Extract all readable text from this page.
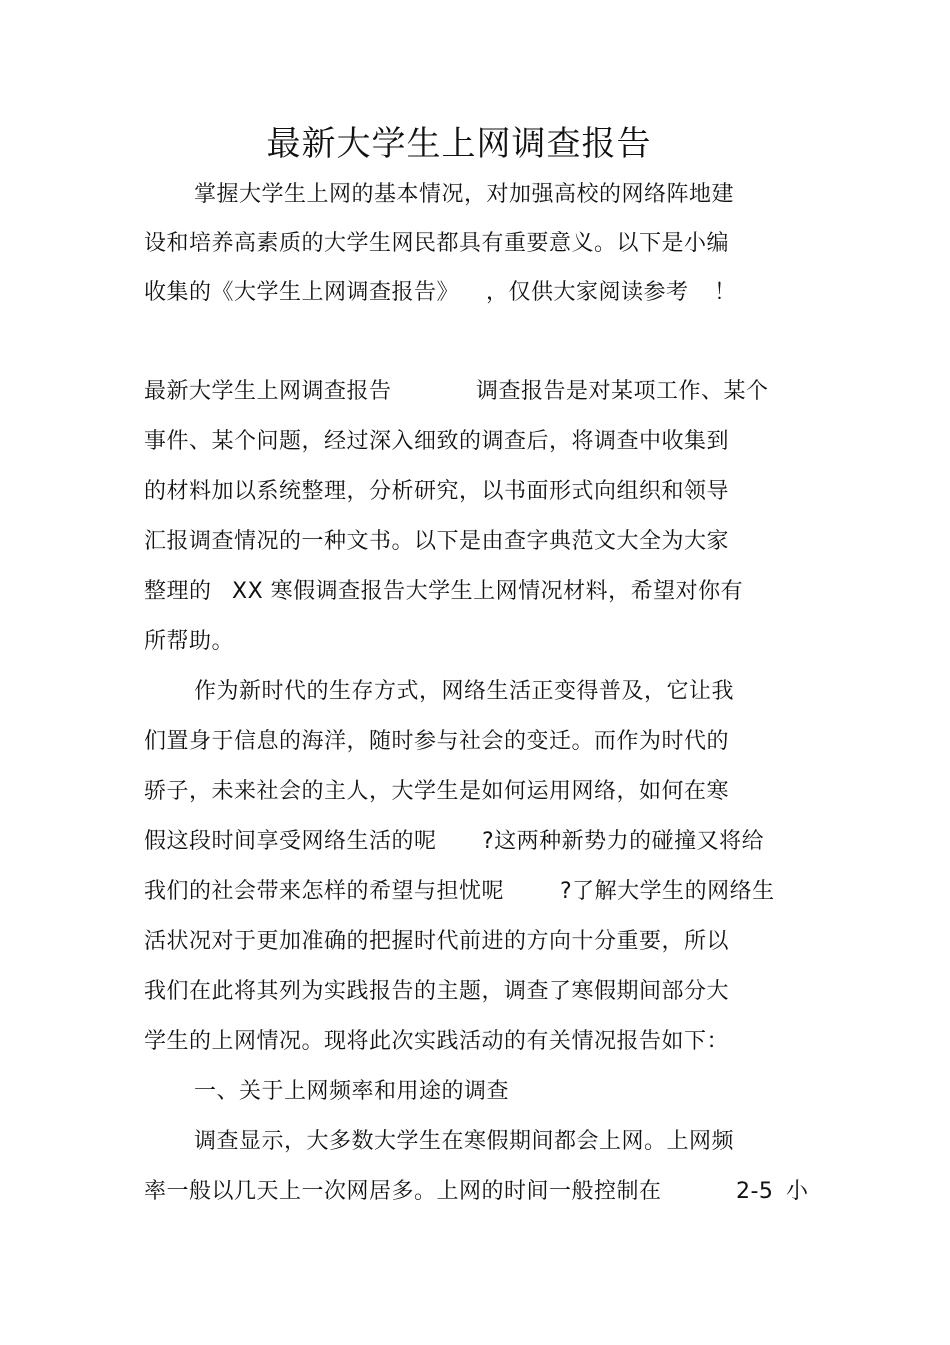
最新大学生上网调查报告
掌握大学生上网的基本情况，对加强高校的网络阵地建
设和培养高素质的大学生网民都具有重要意义。以下是小编
收集的《大学生上网调查报告》 ，仅供大家阅读参考 ！
最新大学生上网调查报告	调查报告是对某项工作、某个
事件、某个问题，经过深入细致的调查后，将调查中收集到
的材料加以系统整理，分析研究，以书面形式向组织和领导
汇报调查情况的一种文书。以下是由查字典范文大全为大家
整理的 XX 寒假调查报告大学生上网情况材料，希望对你有
所帮助。
作为新时代的生存方式，网络生活正变得普及，它让我
们置身于信息的海洋，随时参与社会的变迁。而作为时代的
骄子，未来社会的主人，大学生是如何运用网络，如何在寒
假这段时间享受网络生活的呢 ?这两种新势力的碰撞又将给
我们的社会带来怎样的希望与担忧呢	?了解大学生的网络生
活状况对于更加准确的把握时代前进的方向十分重要，所以
我们在此将其列为实践报告的主题，调查了寒假期间部分大
学生的上网情况。现将此次实践活动的有关情况报告如下：
一、关于上网频率和用途的调查
调查显示，大多数大学生在寒假期间都会上网。上网频
率一般以几天上一次网居多。上网的时间一般控制在	2-5 小
